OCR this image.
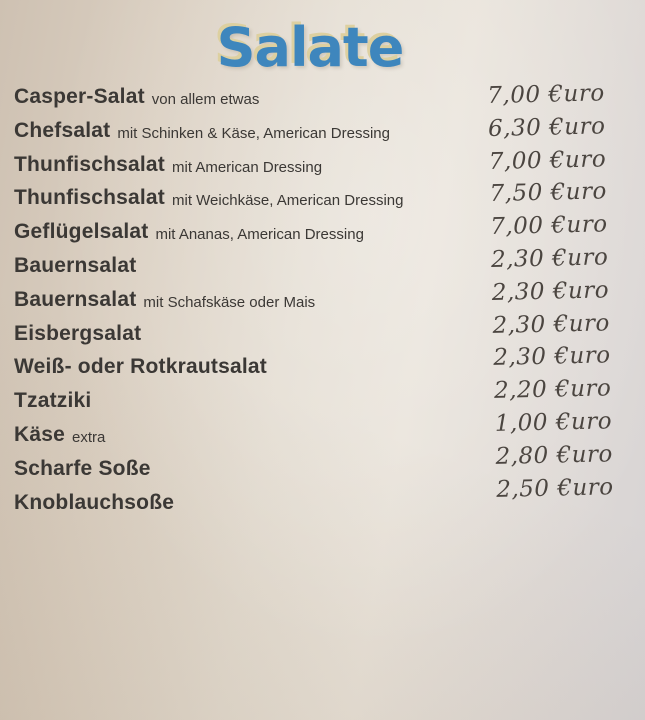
Salate
Casper-Salat von allem etwas
Chefsalat mit Schinken & Käse, American Dressing
Thunfischsalat mit American Dressing
Thunfischsalat mit Weichkäse, American Dressing
Geflügelsalat mit Ananas, American Dressing
Bauernsalat
Bauernsalat mit Schafskäse oder Mais
Eisbergsalat
Weiß- oder Rotkrautsalat
Tzatziki
Käse extra
Scharfe Soße
Knoblauchsoße
7,00 €uro
6,30 €uro
7,00 €uro
7,50 €uro
7,00 €uro
2,30 €uro
2,30 €uro
2,30 €uro
2,30 €uro
2,20 €uro
1,00 €uro
2,80 €uro
2,50 €uro
